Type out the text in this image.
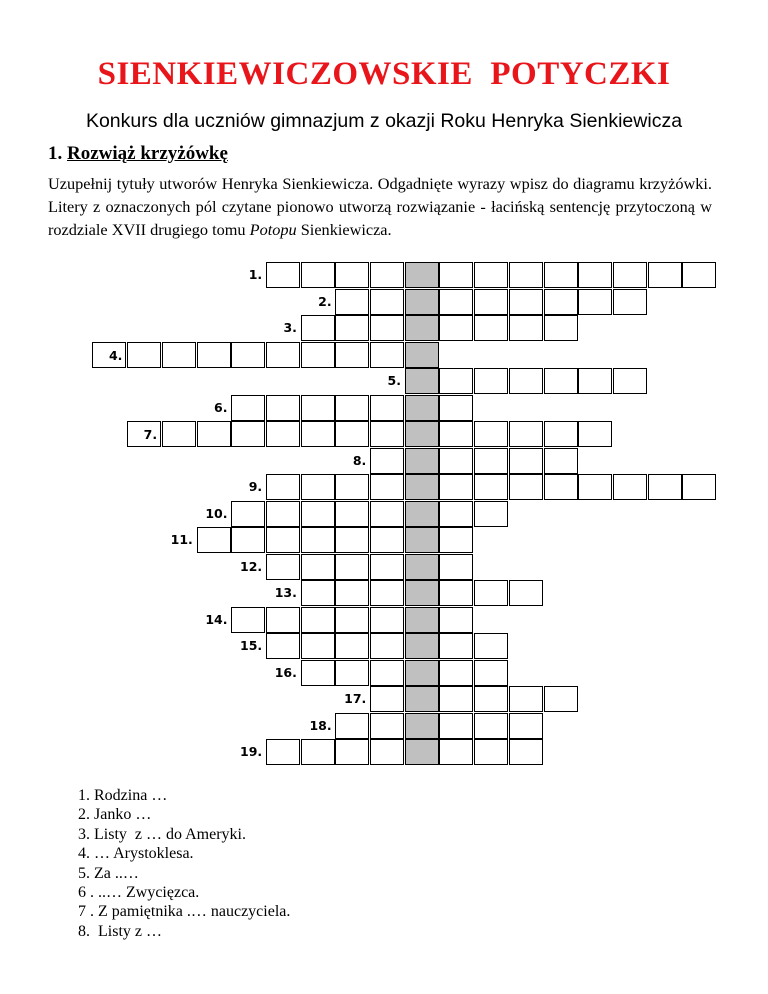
SIENKIEWICZOWSKIE  POTYCZKI

Konkurs dla uczniów gimnazjum z okazji Roku Henryka Sienkiewicza

1. Rozwiąż krzyżówkę

Uzupełnij tytuły utworów Henryka Sienkiewicza. Odgadnięte wyrazy wpisz do diagramu krzyżówki. Litery z oznaczonych pól czytane pionowo utworzą rozwiązanie - łacińską sentencję przytoczoną w rozdziale XVII drugiego tomu Potopu Sienkiewicza.

1.
2.
3.
4.
5.
6.
7.
8.
9.
10.
11.
12.
13.
14.
15.
16.
17.
18.
19.
1. Rodzina …
2. Janko …
3. Listy  z … do Ameryki.
4. … Arystoklesa.
5. Za ..…
6 . ..… Zwycięzca.
7 . Z pamiętnika .… nauczyciela.
8.  Listy z …
